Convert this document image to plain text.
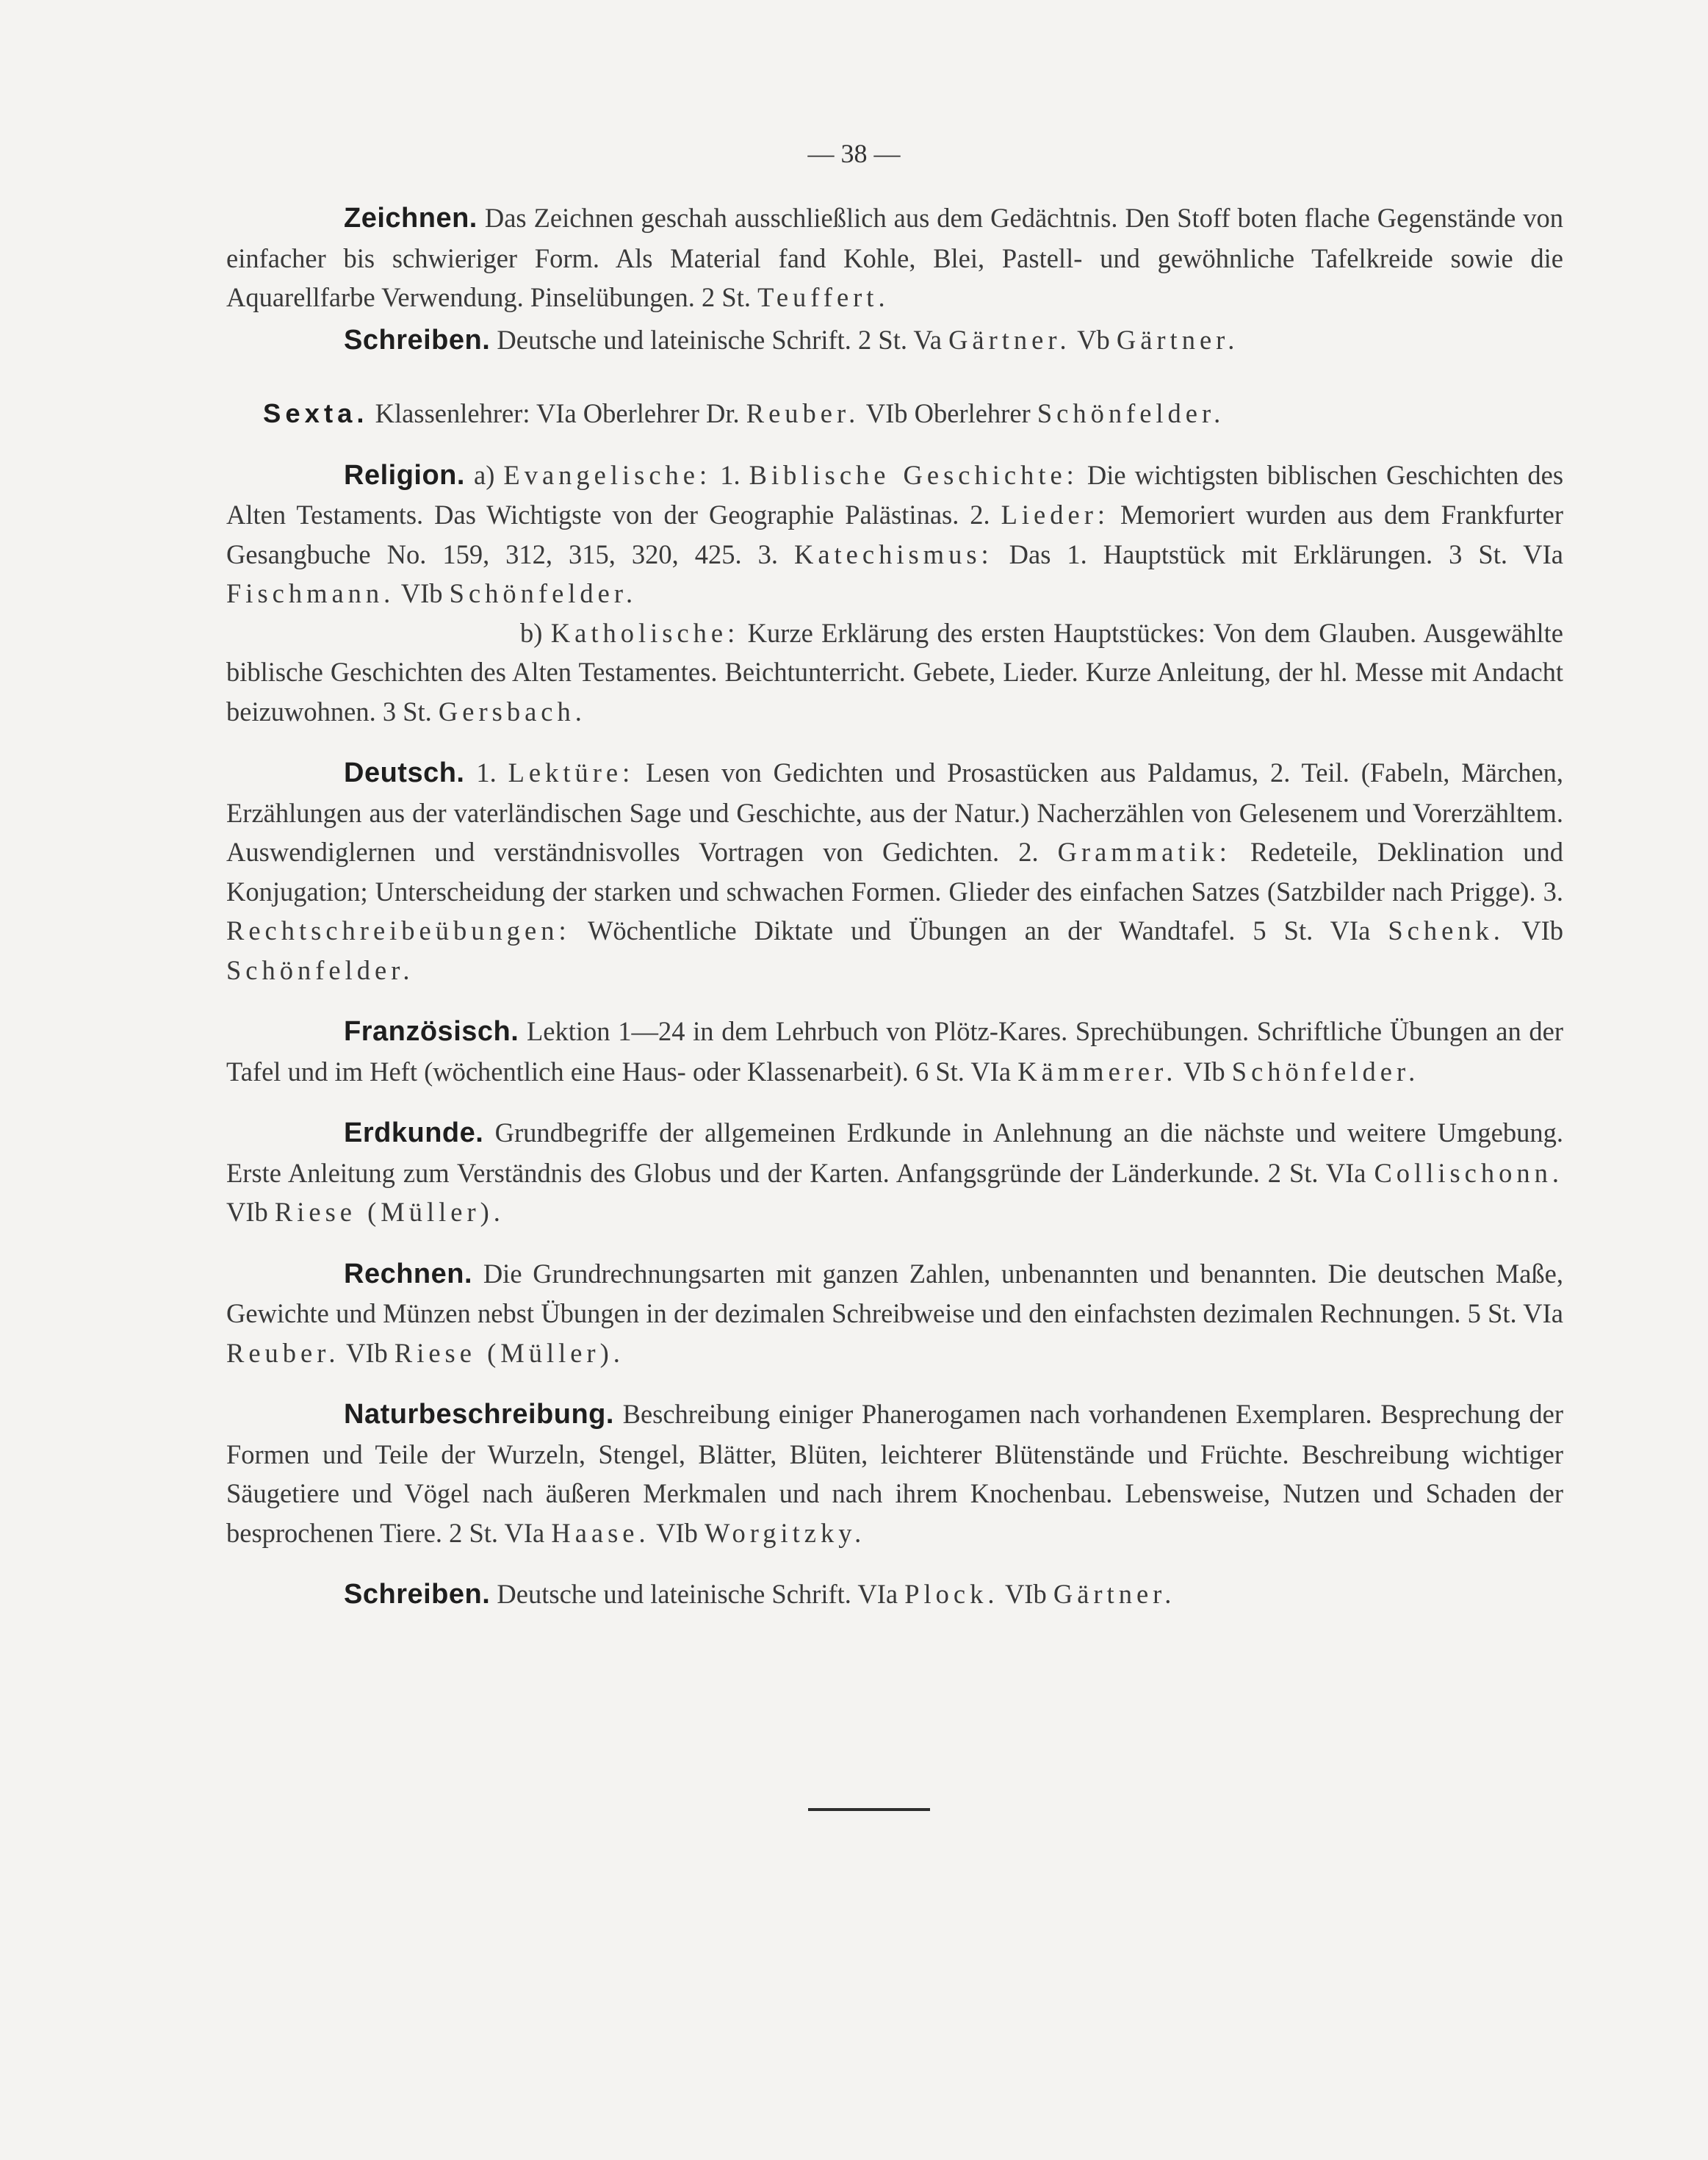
— 38 —

Zeichnen. Das Zeichnen geschah ausschließlich aus dem Gedächtnis. Den Stoff boten flache Gegenstände von einfacher bis schwieriger Form. Als Material fand Kohle, Blei, Pastell- und gewöhnliche Tafelkreide sowie die Aquarellfarbe Verwendung. Pinselübungen. 2 St. Teuffert.

Schreiben. Deutsche und lateinische Schrift. 2 St. Va Gärtner. Vb Gärtner.

Sexta. Klassenlehrer: VIa Oberlehrer Dr. Reuber. VIb Oberlehrer Schönfelder.

Religion. a) Evangelische: 1. Biblische Geschichte: Die wichtigsten biblischen Geschichten des Alten Testaments. Das Wichtigste von der Geographie Palästinas. 2. Lieder: Memoriert wurden aus dem Frankfurter Gesangbuche No. 159, 312, 315, 320, 425. 3. Katechismus: Das 1. Hauptstück mit Erklärungen. 3 St. VIa Fischmann. VIb Schönfelder.

b) Katholische: Kurze Erklärung des ersten Hauptstückes: Von dem Glauben. Ausgewählte biblische Geschichten des Alten Testamentes. Beichtunterricht. Gebete, Lieder. Kurze Anleitung, der hl. Messe mit Andacht beizuwohnen. 3 St. Gersbach.

Deutsch. 1. Lektüre: Lesen von Gedichten und Prosastücken aus Paldamus, 2. Teil. (Fabeln, Märchen, Erzählungen aus der vaterländischen Sage und Geschichte, aus der Natur.) Nacherzählen von Gelesenem und Vorerzähltem. Auswendiglernen und verständnisvolles Vortragen von Gedichten. 2. Grammatik: Redeteile, Deklination und Konjugation; Unterscheidung der starken und schwachen Formen. Glieder des einfachen Satzes (Satzbilder nach Prigge). 3. Rechtschreibeübungen: Wöchentliche Diktate und Übungen an der Wandtafel. 5 St. VIa Schenk. VIb Schönfelder.

Französisch. Lektion 1—24 in dem Lehrbuch von Plötz-Kares. Sprechübungen. Schriftliche Übungen an der Tafel und im Heft (wöchentlich eine Haus- oder Klassenarbeit). 6 St. VIa Kämmerer. VIb Schönfelder.

Erdkunde. Grundbegriffe der allgemeinen Erdkunde in Anlehnung an die nächste und weitere Umgebung. Erste Anleitung zum Verständnis des Globus und der Karten. Anfangsgründe der Länderkunde. 2 St. VIa Collischonn. VIb Riese (Müller).

Rechnen. Die Grundrechnungsarten mit ganzen Zahlen, unbenannten und benannten. Die deutschen Maße, Gewichte und Münzen nebst Übungen in der dezimalen Schreibweise und den einfachsten dezimalen Rechnungen. 5 St. VIa Reuber. VIb Riese (Müller).

Naturbeschreibung. Beschreibung einiger Phanerogamen nach vorhandenen Exemplaren. Besprechung der Formen und Teile der Wurzeln, Stengel, Blätter, Blüten, leichterer Blütenstände und Früchte. Beschreibung wichtiger Säugetiere und Vögel nach äußeren Merkmalen und nach ihrem Knochenbau. Lebensweise, Nutzen und Schaden der besprochenen Tiere. 2 St. VIa Haase. VIb Worgitzky.

Schreiben. Deutsche und lateinische Schrift. VIa Plock. VIb Gärtner.
